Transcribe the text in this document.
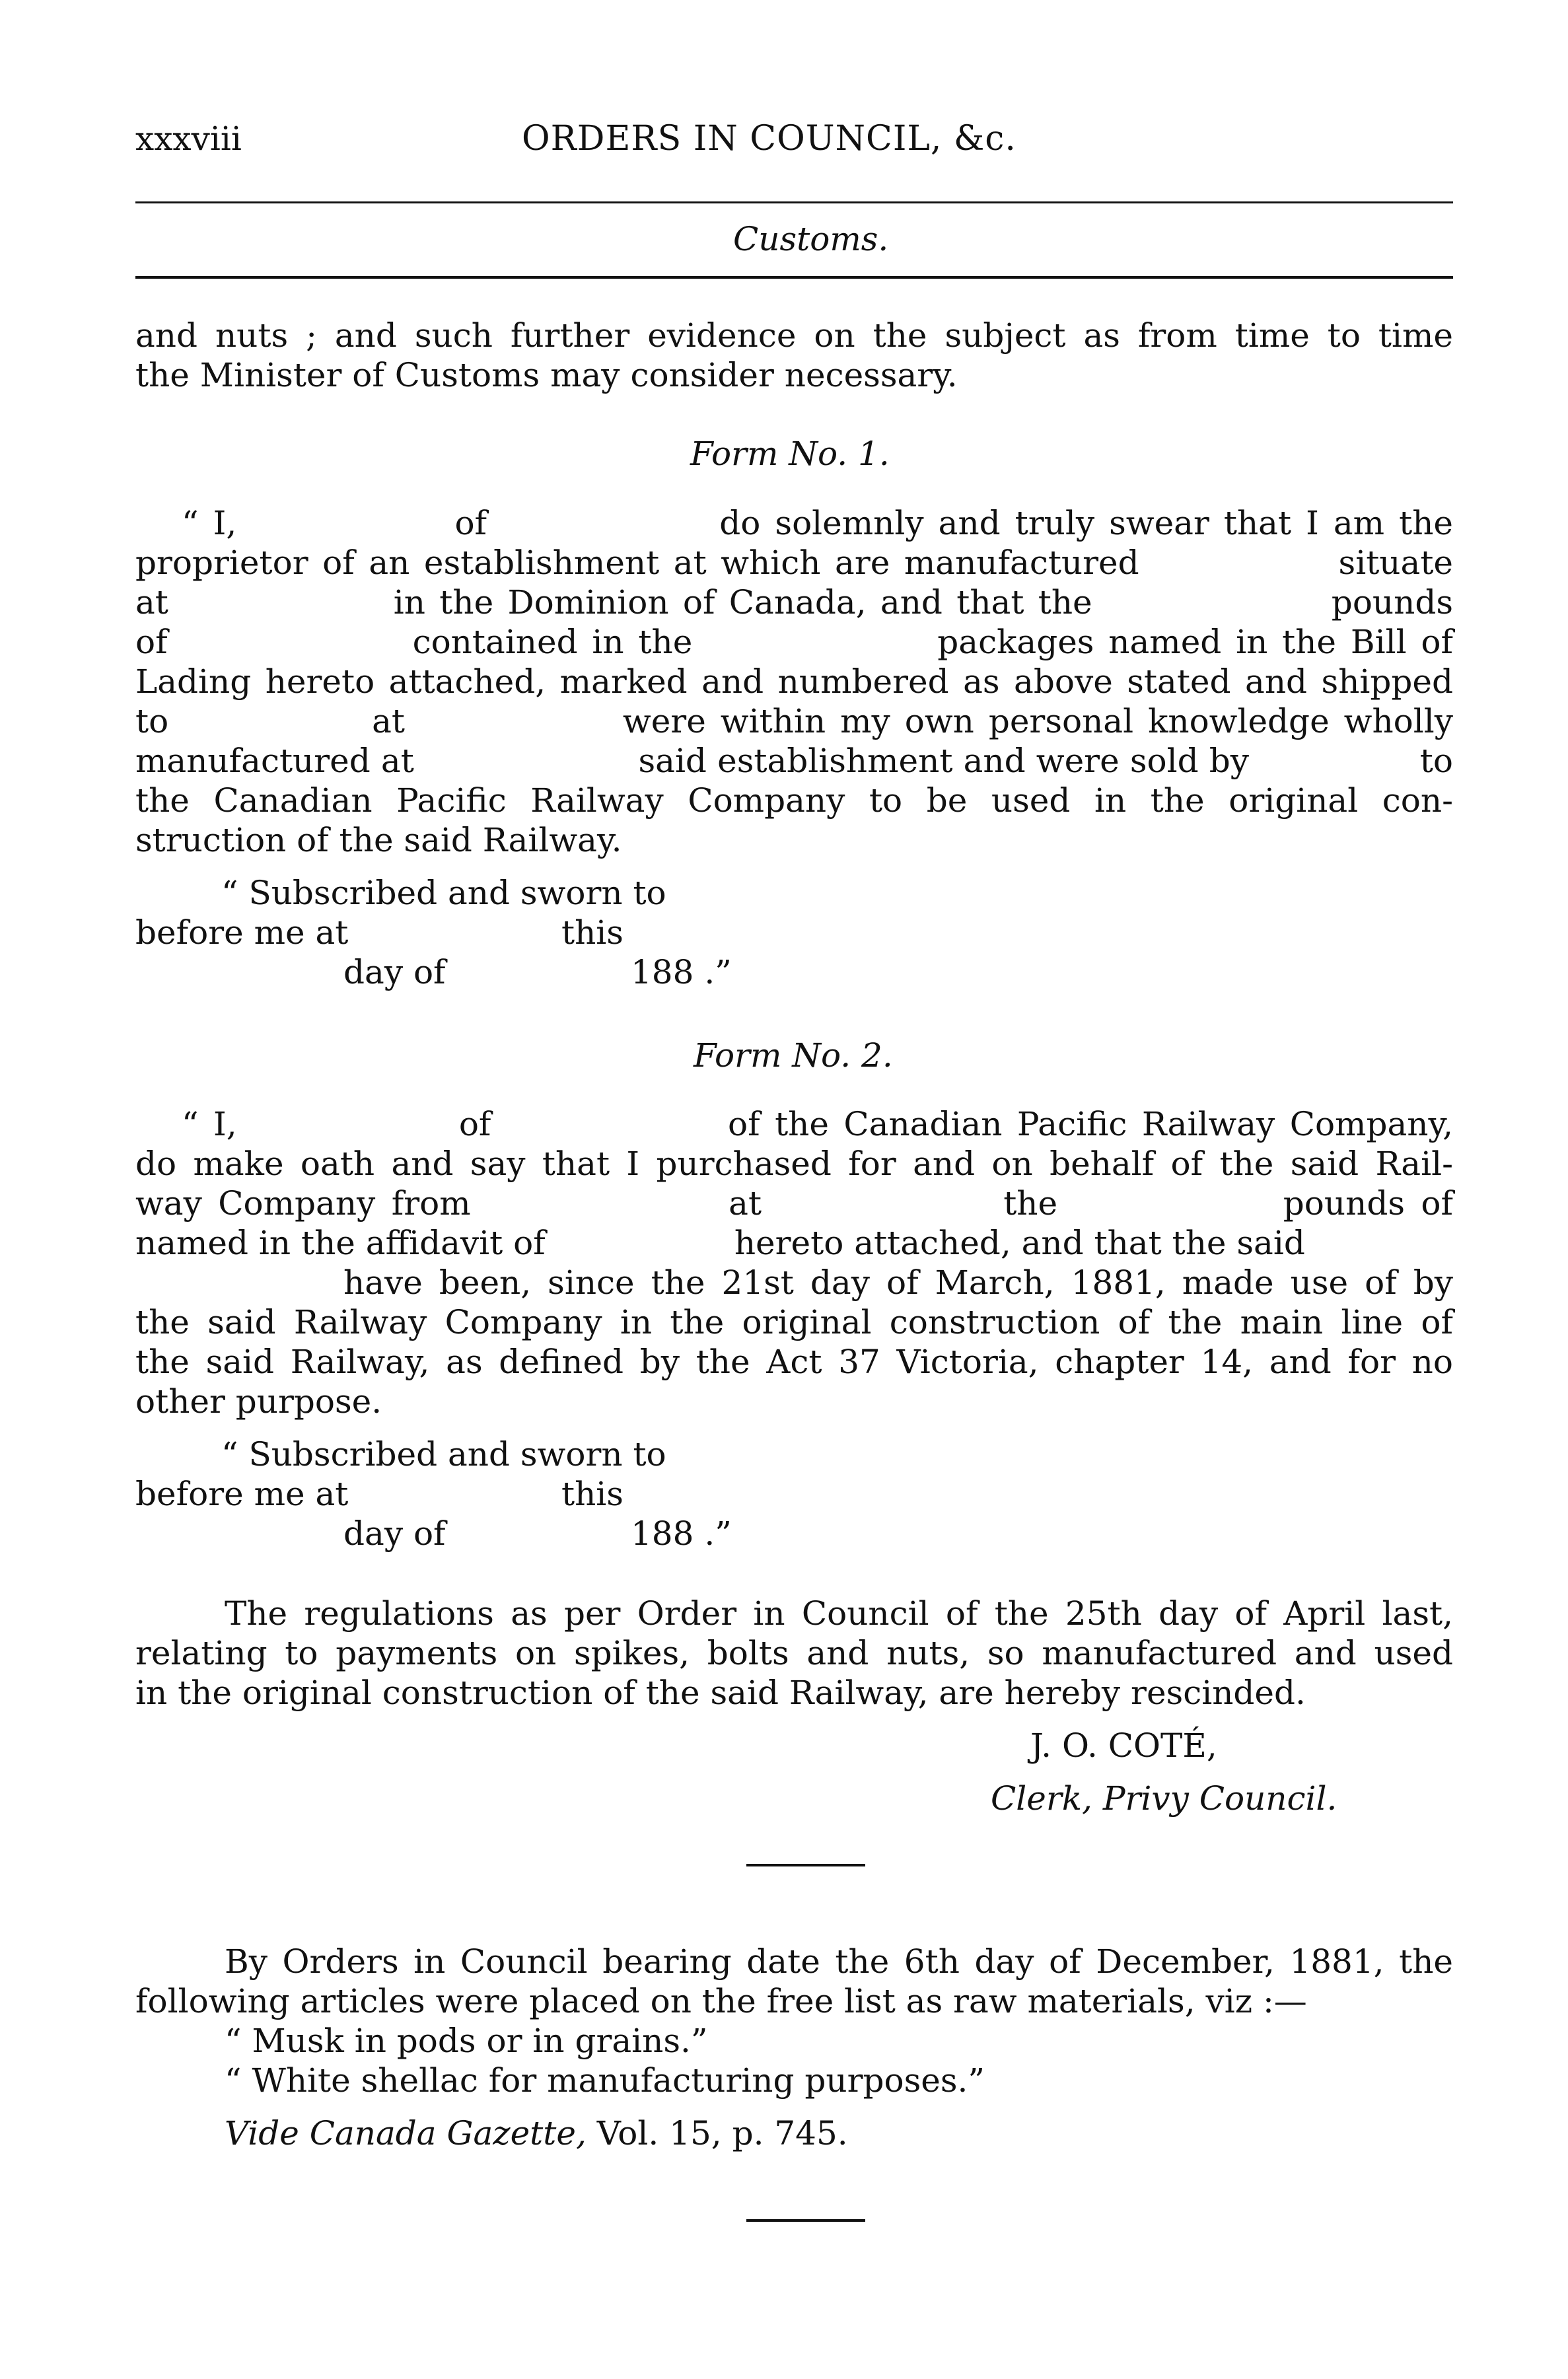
xxxviii	ORDERS IN COUNCIL, &c.
Customs.
and nuts ; and such further evidence on the subject as from time to time
the Minister of Customs may consider necessary.
Form No. 1.
“ I,               of                do solemnly and truly swear that I am the
proprietor of an establishment at which are manufactured              situate
at                in the Dominion of Canada, and that the                 pounds
of                 contained in the                 packages named in the Bill of
Lading hereto attached, marked and numbered as above stated and shipped
to              at               were within my own personal knowledge wholly
manufactured at                     said establishment and were sold by                to
the Canadian Pacific Railway Company to be used in the original con-
struction of the said Railway.
“ Subscribed and sworn to
before me at	this
day of	188 .”
Form No. 2.
“ I,               of                of the Canadian Pacific Railway Company,
do make oath and say that I purchased for and on behalf of the said Rail-
way Company from                at               the              pounds of
named in the affidavit of                  hereto attached, and that the said
have been, since the 21st day of March, 1881, made use of by
the said Railway Company in the original construction of the main line of
the said Railway, as defined by the Act 37 Victoria, chapter 14, and for no
other purpose.
“ Subscribed and sworn to
before me at	this
day of	188 .”
The regulations as per Order in Council of the 25th day of April last,
relating to payments on spikes, bolts and nuts, so manufactured and used
in the original construction of the said Railway, are hereby rescinded.
J. O. COTÉ,
Clerk, Privy Council.
By Orders in Council bearing date the 6th day of December, 1881, the
following articles were placed on the free list as raw materials, viz :—
“ Musk in pods or in grains.”
“ White shellac for manufacturing purposes.”
Vide Canada Gazette, Vol. 15, p. 745.
